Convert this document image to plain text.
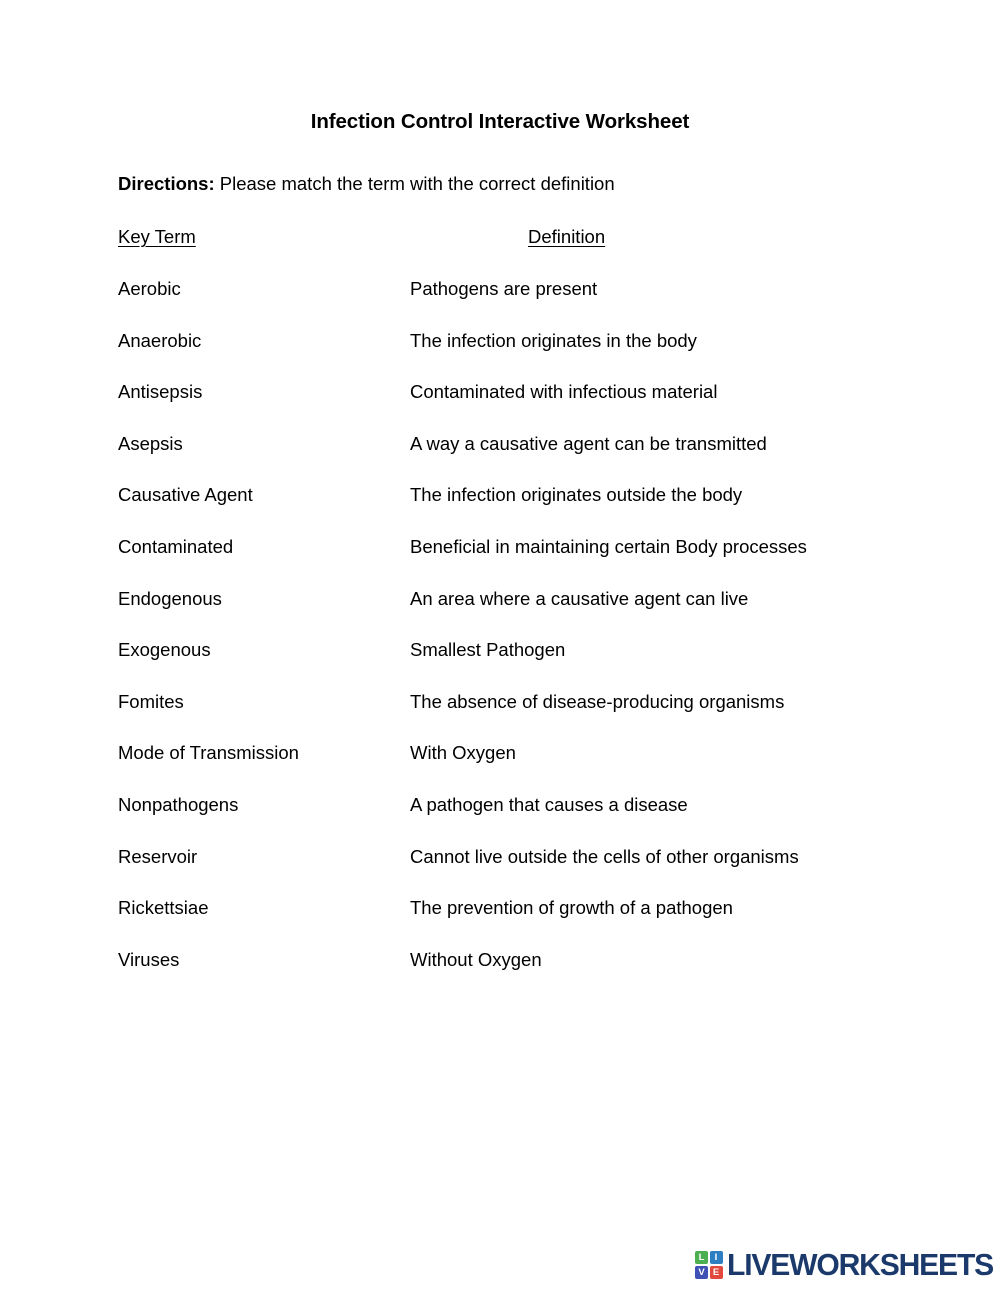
Infection Control Interactive Worksheet
Directions: Please match the term with the correct definition
Key Term	Definition
Aerobic	Pathogens are present
Anaerobic	The infection originates in the body
Antisepsis	Contaminated with infectious material
Asepsis	A way a causative agent can be transmitted
Causative Agent	The infection originates outside the body
Contaminated	Beneficial in maintaining certain Body processes
Endogenous	An area where a causative agent can live
Exogenous	Smallest Pathogen
Fomites	The absence of disease-producing organisms
Mode of Transmission	With Oxygen
Nonpathogens	A pathogen that causes a disease
Reservoir	Cannot live outside the cells of other organisms
Rickettsiae	The prevention of growth of a pathogen
Viruses	Without Oxygen
L	I
V E LIVEWORKSHEETS
